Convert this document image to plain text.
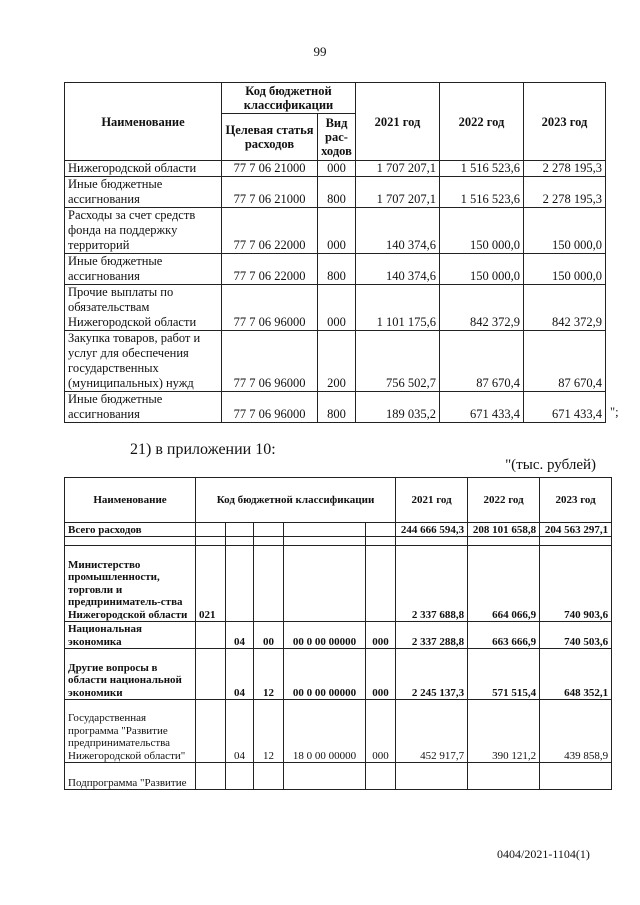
99
Наименование	Код бюджетной классификации		2021 год	2022 год	2023 год
	Целевая статья расходов	Вид рас-ходов			
Нижегородской области	77 7 06 21000	000	1 707 207,1	1 516 523,6	2 278 195,3
Иные бюджетные ассигнования	77 7 06 21000	800	1 707 207,1	1 516 523,6	2 278 195,3
Расходы за счет средств фонда на поддержку территорий	77 7 06 22000	000	140 374,6	150 000,0	150 000,0
Иные бюджетные ассигнования	77 7 06 22000	800	140 374,6	150 000,0	150 000,0
Прочие выплаты по обязательствам Нижегородской области	77 7 06 96000	000	1 101 175,6	842 372,9	842 372,9
Закупка товаров, работ и услуг для обеспечения государственных (муниципальных) нужд	77 7 06 96000	200	756 502,7	87 670,4	87 670,4
Иные бюджетные ассигнования	77 7 06 96000	800	189 035,2	671 433,4	671 433,4 ";
21) в приложении 10:
"(тыс. рублей)
Наименование	Код бюджетной классификации					2021 год	2022 год	2023 год
Всего расходов						244 666 594,3	208 101 658,8	204 563 297,1

Министерство промышленности, торговли и предприниматель-ства Нижегородской области	021					2 337 688,8	664 066,9	740 903,6
Национальная экономика		04	00	00 0 00 00000	000	2 337 288,8	663 666,9	740 503,6
Другие вопросы в области национальной экономики		04	12	00 0 00 00000	000	2 245 137,3	571 515,4	648 352,1
Государственная программа "Развитие предпринимательства Нижегородской области"		04	12	18 0 00 00000	000	452 917,7	390 121,2	439 858,9
Подпрограмма "Развитие								
0404/2021-1104(1)
